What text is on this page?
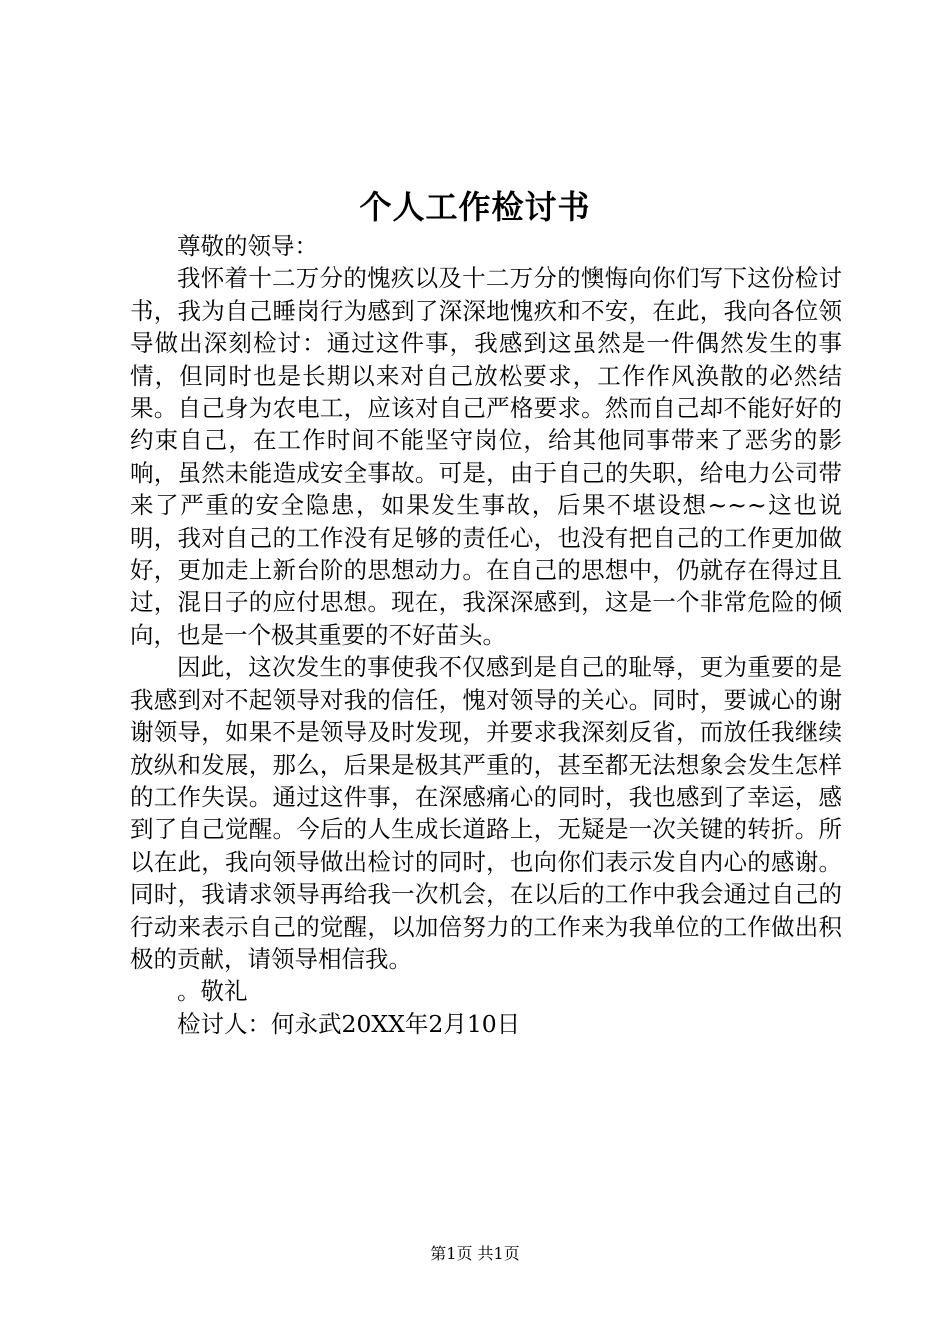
个人工作检讨书

尊敬的领导：

我怀着十二万分的愧疚以及十二万分的懊悔向你们写下这份检讨书，我为自己睡岗行为感到了深深地愧疚和不安，在此，我向各位领导做出深刻检讨：通过这件事，我感到这虽然是一件偶然发生的事情，但同时也是长期以来对自己放松要求，工作作风涣散的必然结果。自己身为农电工，应该对自己严格要求。然而自己却不能好好的约束自己，在工作时间不能坚守岗位，给其他同事带来了恶劣的影响，虽然未能造成安全事故。可是，由于自己的失职，给电力公司带来了严重的安全隐患，如果发生事故，后果不堪设想~~~这也说明，我对自己的工作没有足够的责任心，也没有把自己的工作更加做好，更加走上新台阶的思想动力。在自己的思想中，仍就存在得过且过，混日子的应付思想。现在，我深深感到，这是一个非常危险的倾向，也是一个极其重要的不好苗头。

因此，这次发生的事使我不仅感到是自己的耻辱，更为重要的是我感到对不起领导对我的信任，愧对领导的关心。同时，要诚心的谢谢领导，如果不是领导及时发现，并要求我深刻反省，而放任我继续放纵和发展，那么，后果是极其严重的，甚至都无法想象会发生怎样的工作失误。通过这件事，在深感痛心的同时，我也感到了幸运，感到了自己觉醒。今后的人生成长道路上，无疑是一次关键的转折。所以在此，我向领导做出检讨的同时，也向你们表示发自内心的感谢。同时，我请求领导再给我一次机会，在以后的工作中我会通过自己的行动来表示自己的觉醒，以加倍努力的工作来为我单位的工作做出积极的贡献，请领导相信我。

。敬礼

检讨人：何永武20XX年2月10日

第1页 共1页
